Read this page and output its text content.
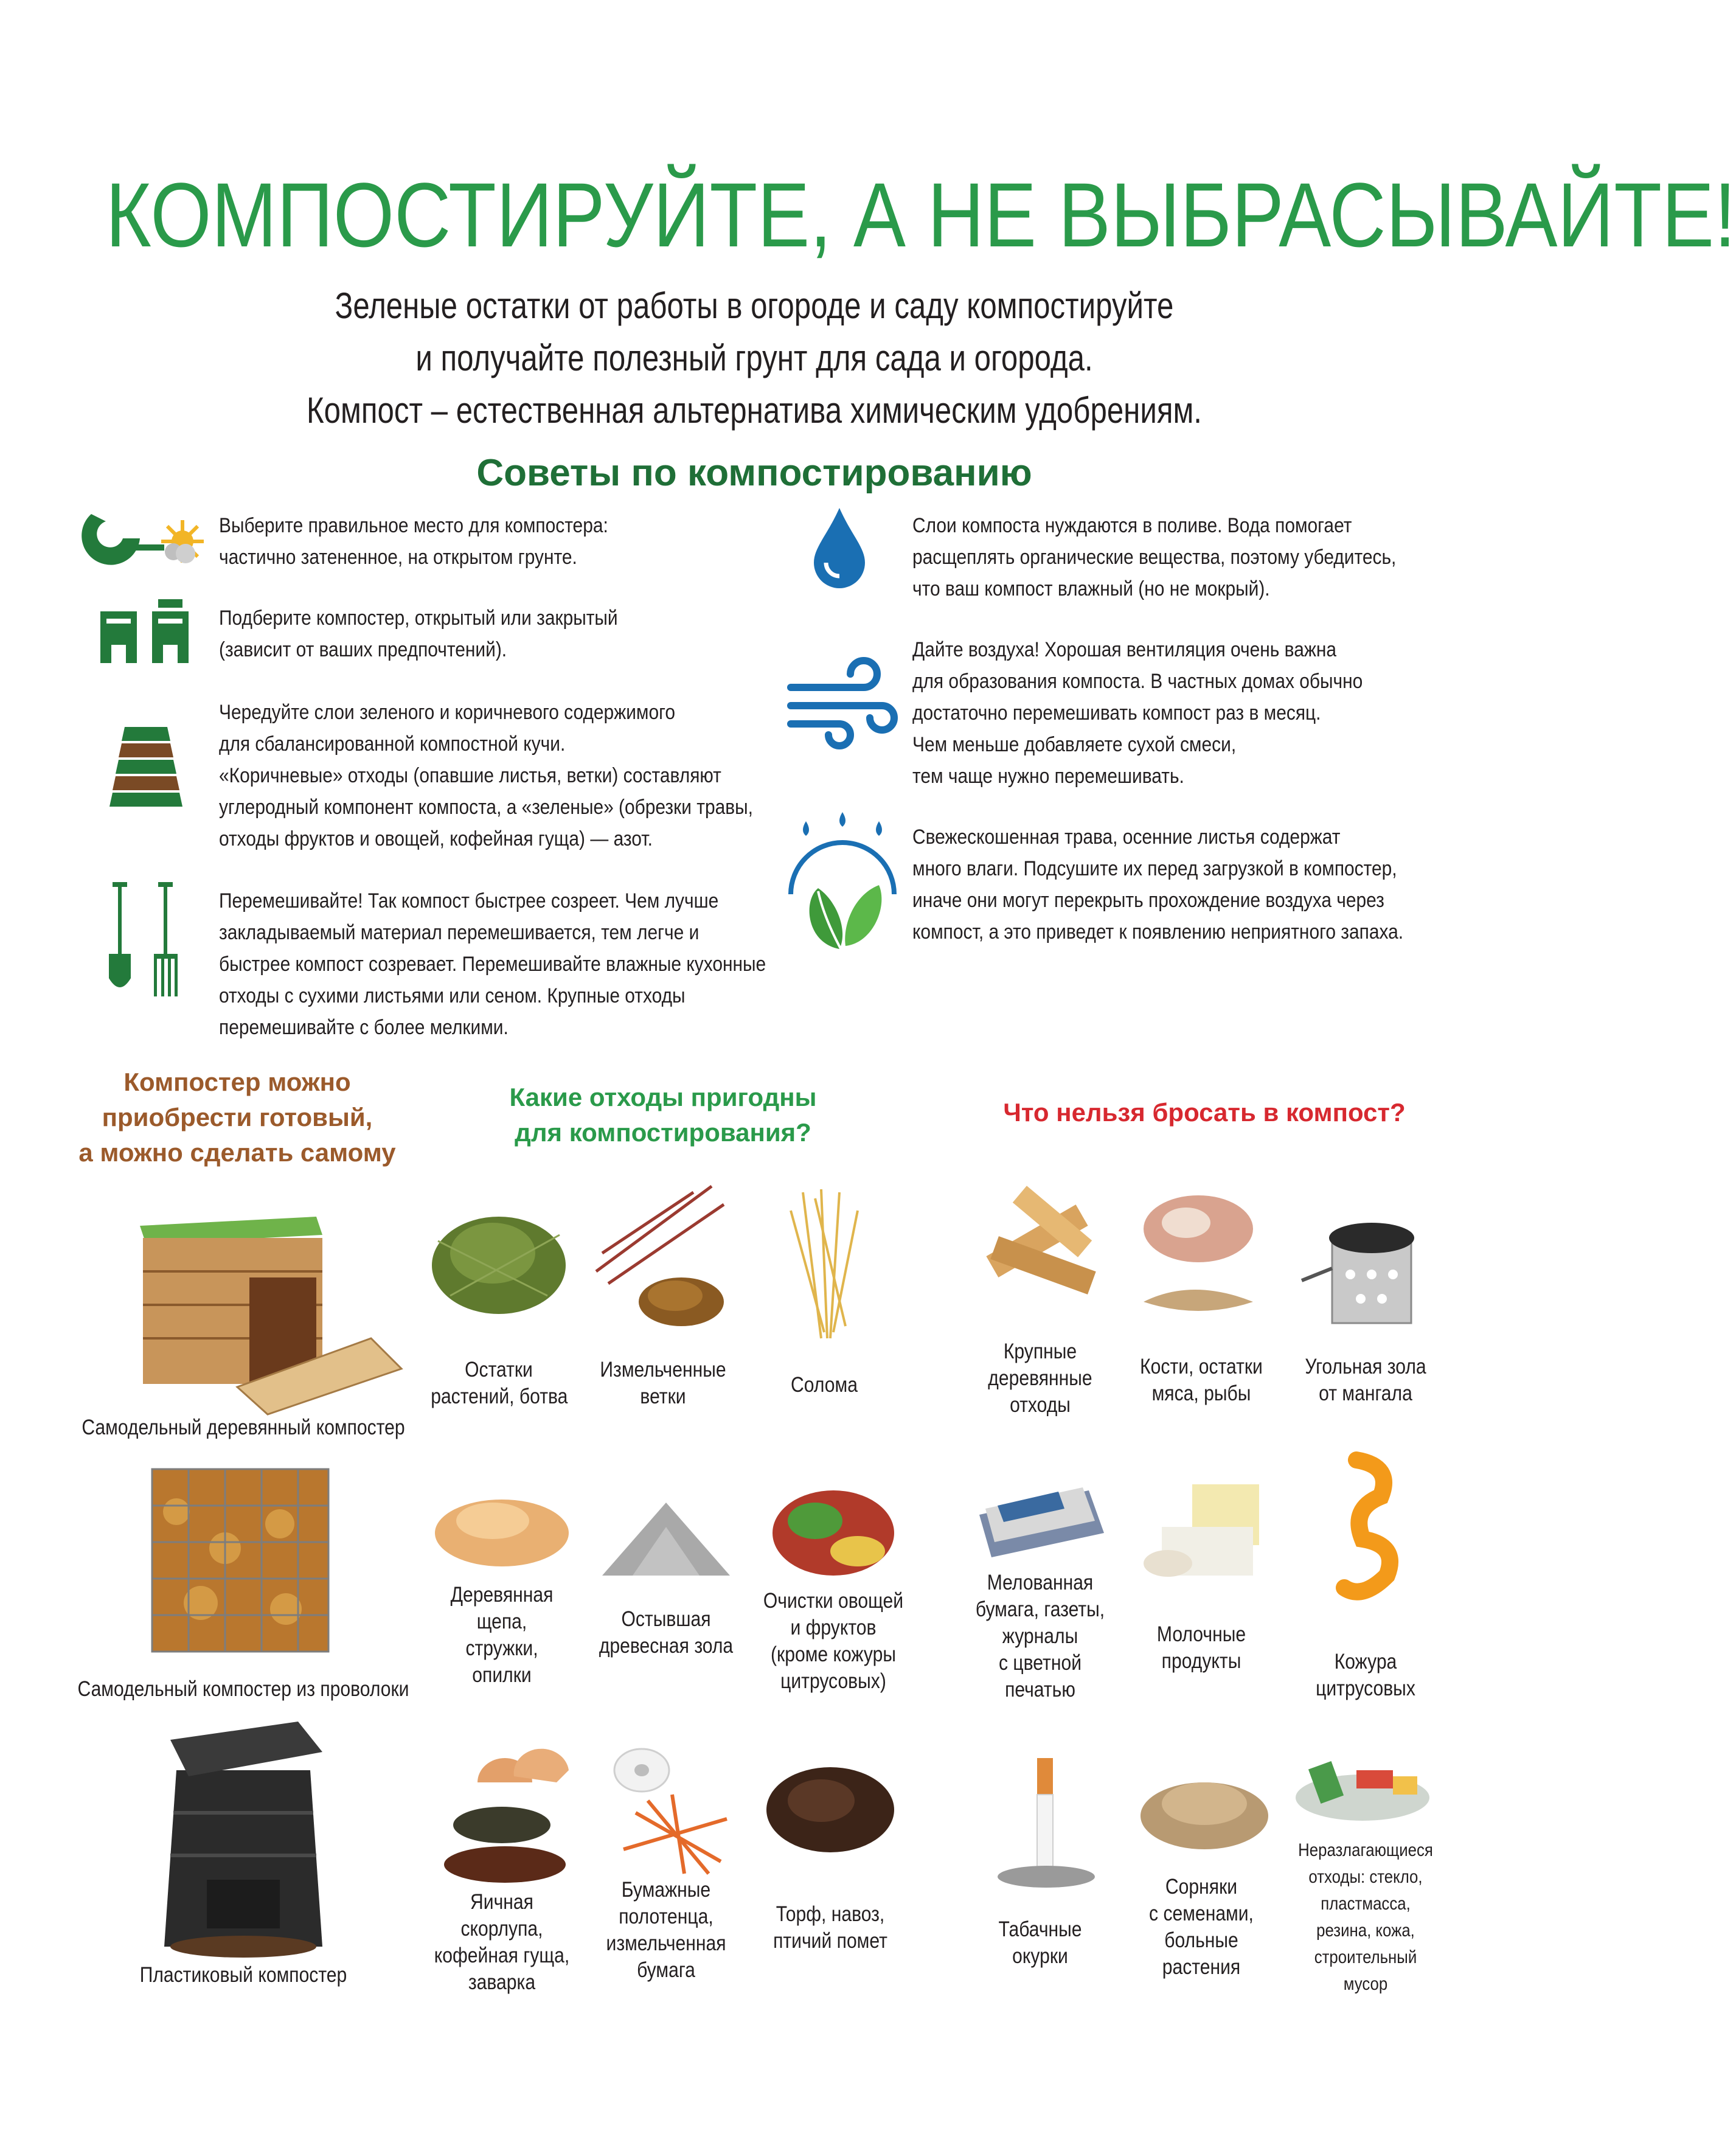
КОМПОСТИРУЙТЕ, А НЕ ВЫБРАСЫВАЙТЕ!
Зеленые остатки от работы в огороде и саду компостируйте
и получайте полезный грунт для сада и огорода.
Компост – естественная альтернатива химическим удобрениям.
Советы по компостированию
Выберите правильное место для компостера:
частично затененное, на открытом грунте.
Подберите компостер, открытый или закрытый
(зависит от ваших предпочтений).
Чередуйте слои зеленого и коричневого содержимого
для сбалансированной компостной кучи.
«Коричневые» отходы (опавшие листья, ветки) составляют
углеродный компонент компоста, а «зеленые» (обрезки травы,
отходы фруктов и овощей, кофейная гуща) — азот.
Перемешивайте! Так компост быстрее созреет. Чем лучше
закладываемый материал перемешивается, тем легче и
быстрее компост созревает. Перемешивайте влажные кухонные
отходы с сухими листьями или сеном. Крупные отходы
перемешивайте с более мелкими.
Слои компоста нуждаются в поливе. Вода помогает
расщеплять органические вещества, поэтому убедитесь,
что ваш компост влажный (но не мокрый).
Дайте воздуха! Хорошая вентиляция очень важна
для образования компоста. В частных домах обычно
достаточно перемешивать компост раз в месяц.
Чем меньше добавляете сухой смеси,
тем чаще нужно перемешивать.
Свежескошенная трава, осенние листья содержат
много влаги. Подсушите их перед загрузкой в компостер,
иначе они могут перекрыть прохождение воздуха через
компост, а это приведет к появлению неприятного запаха.
Компостер можно
приобрести готовый,
а можно сделать самому
Какие отходы пригодны
для компостирования?
Что нельзя бросать в компост?
Самодельный деревянный компостер
Самодельный компостер из проволоки
Пластиковый компостер
Остатки
растений, ботва
Измельченные
ветки	Солома
Деревянная
щепа,
стружки,
опилки
Остывшая
древесная зола
Очистки овощей
и фруктов
(кроме кожуры
цитрусовых)
Яичная
скорлупа,
кофейная гуща,
заварка
Бумажные
полотенца,
измельченная
бумага
Торф, навоз,
птичий помет
Крупные
деревянные
отходы
Кости, остатки
мяса, рыбы
Угольная зола
от мангала
Мелованная
бумага, газеты,
журналы
с цветной
печатью
Молочные
продукты	Кожура
цитрусовых
Табачные
окурки
Сорняки
с семенами,
больные
растения
Неразлагающиеся
отходы: стекло,
пластмасса,
резина, кожа,
строительный
мусор
